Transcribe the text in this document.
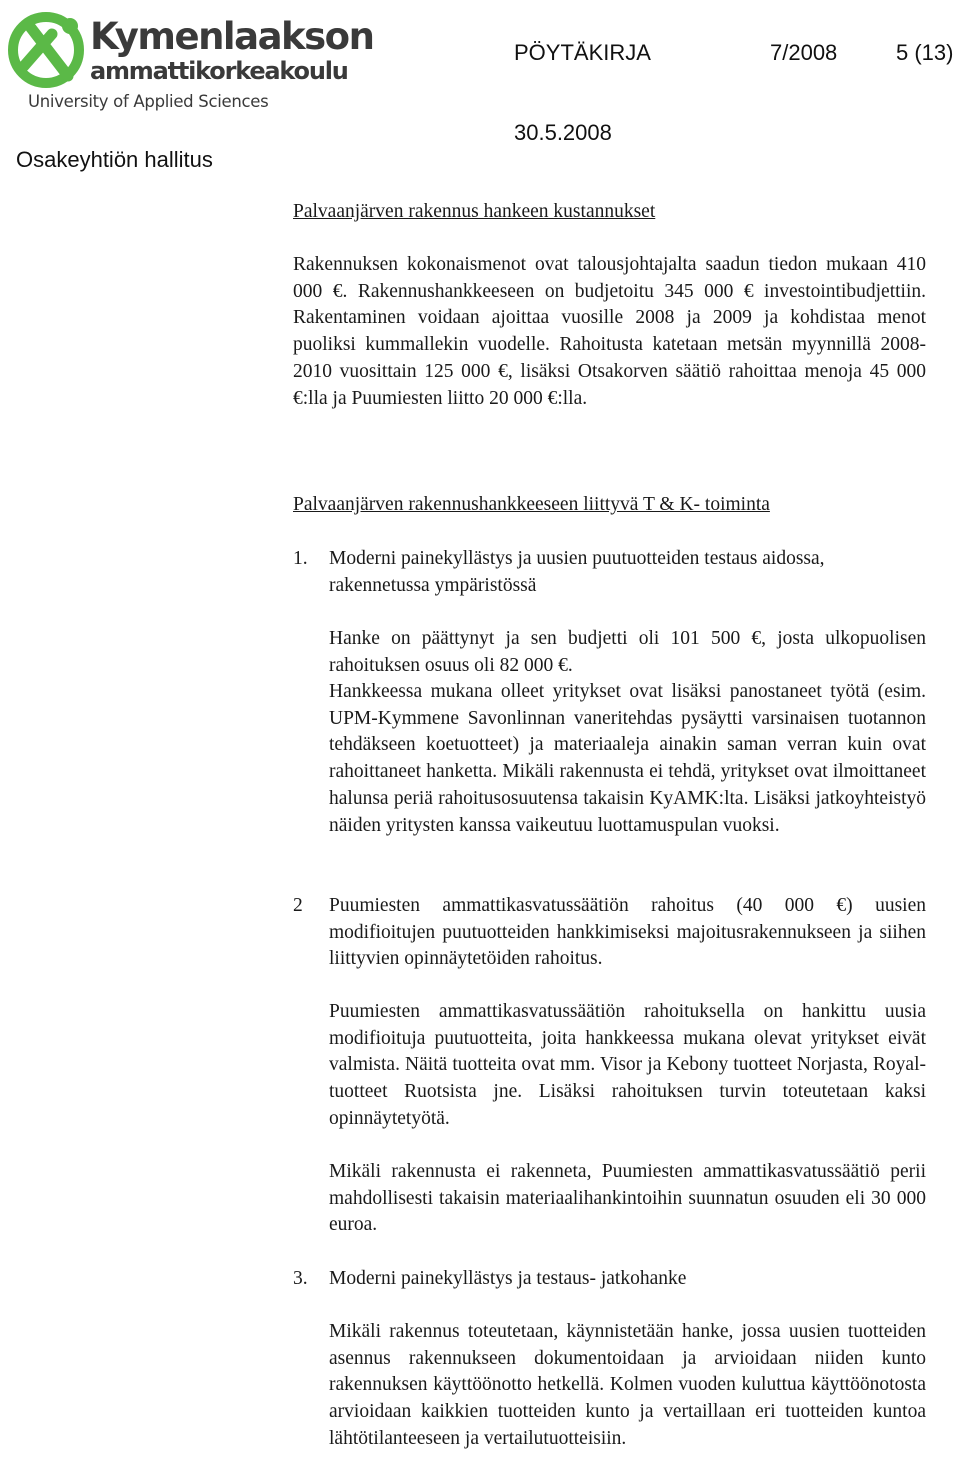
Kymenlaakson
ammattikorkeakoulu
University of Applied Sciences
PÖYTÄKIRJA	7/2008	5 (13)
Osakeyhtiön hallitus
30.5.2008
Palvaanjärven rakennus hankeen kustannukset
Rakennuksen kokonaismenot ovat talousjohtajalta saadun tiedon mukaan 410 000 €. Rakennushankkeeseen on budjetoitu 345 000 € investointibudjettiin. Rakentaminen voidaan ajoittaa vuosille 2008 ja 2009 ja kohdistaa menot puoliksi kummallekin vuodelle. Rahoitusta katetaan metsän myynnillä 2008-2010 vuosittain 125 000 €, lisäksi Otsakorven säätiö rahoittaa menoja 45 000 €:lla ja Puumiesten liitto 20 000 €:lla.
Palvaanjärven rakennushankkeeseen liittyvä T & K- toiminta
1. Moderni painekyllästys ja uusien puutuotteiden testaus aidossa, rakennetussa ympäristössä
Hanke on päättynyt ja sen budjetti oli 101 500 €, josta ulkopuolisen rahoituksen osuus oli 82 000 €.
Hankkeessa mukana olleet yritykset ovat lisäksi panostaneet työtä (esim. UPM-Kymmene Savonlinnan vaneritehdas pysäytti varsinaisen tuotannon tehdäkseen koetuotteet) ja materiaaleja ainakin saman verran kuin ovat rahoittaneet hanketta. Mikäli rakennusta ei tehdä, yritykset ovat ilmoittaneet halunsa periä rahoitusosuutensa takaisin KyAMK:lta. Lisäksi jatkoyhteistyö näiden yritysten kanssa vaikeutuu luottamuspulan vuoksi.
2 Puumiesten ammattikasvatussäätiön rahoitus (40 000 €) uusien modifioitujen puutuotteiden hankkimiseksi majoitusrakennukseen ja siihen liittyvien opinnäytetöiden rahoitus.
Puumiesten ammattikasvatussäätiön rahoituksella on hankittu uusia modifioituja puutuotteita, joita hankkeessa mukana olevat yritykset eivät valmista. Näitä tuotteita ovat mm. Visor ja Kebony tuotteet Norjasta, Royal-tuotteet Ruotsista jne. Lisäksi rahoituksen turvin toteutetaan kaksi opinnäytetyötä.
Mikäli rakennusta ei rakenneta, Puumiesten ammattikasvatussäätiö perii mahdollisesti takaisin materiaalihankintoihin suunnatun osuuden eli 30 000 euroa.
3. Moderni painekyllästys ja testaus- jatkohanke
Mikäli rakennus toteutetaan, käynnistetään hanke, jossa uusien tuotteiden asennus rakennukseen dokumentoidaan ja arvioidaan niiden kunto rakennuksen käyttöönotto hetkellä. Kolmen vuoden kuluttua käyttöönotosta arvioidaan kaikkien tuotteiden kunto ja vertaillaan eri tuotteiden kuntoa lähtötilanteeseen ja vertailutuotteisiin.
